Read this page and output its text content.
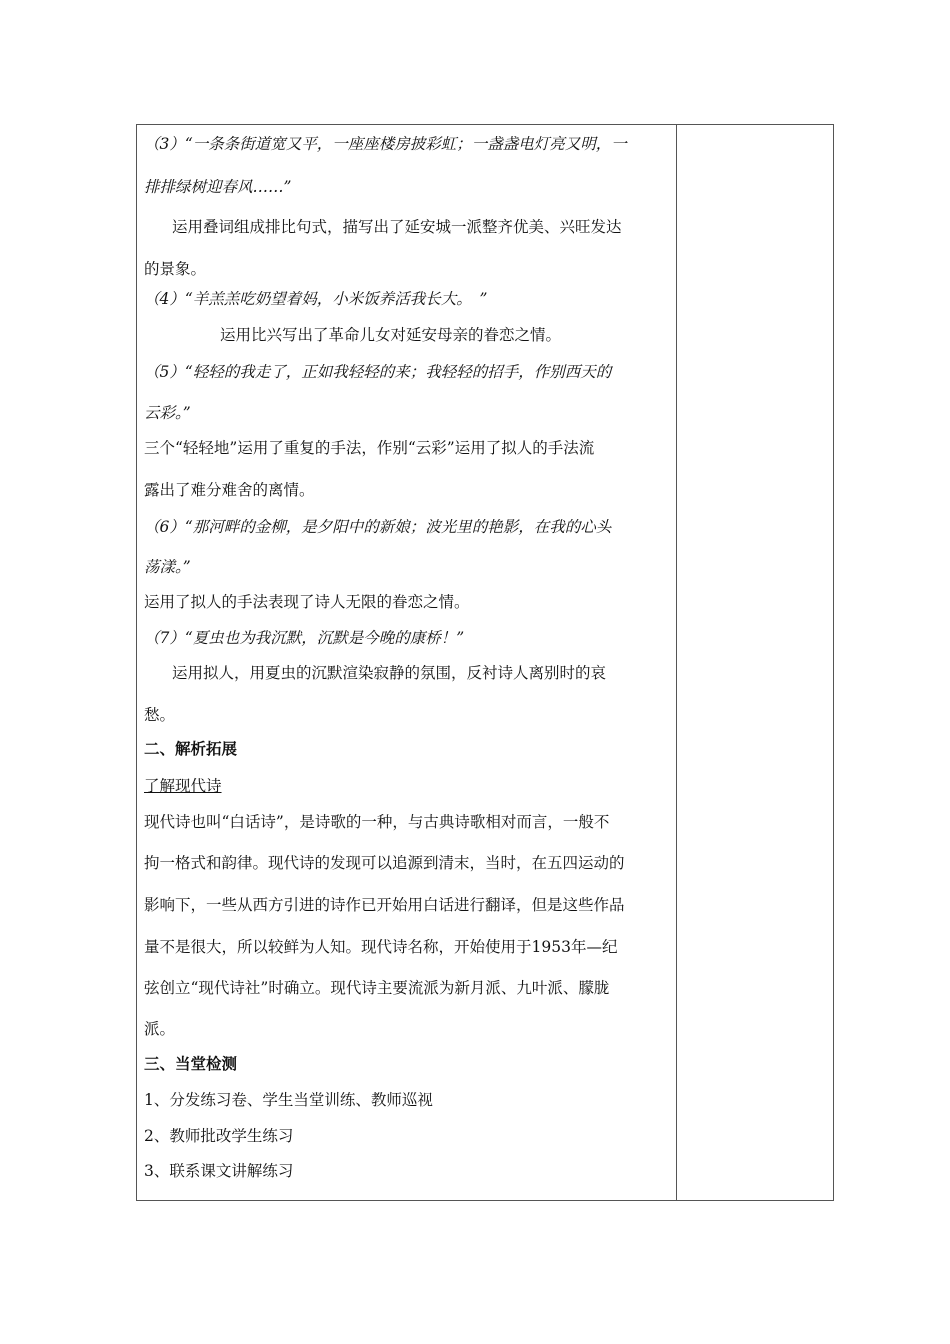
（3）“一条条街道宽又平，一座座楼房披彩虹；一盏盏电灯亮又明，一
排排绿树迎春风……”
运用叠词组成排比句式，描写出了延安城一派整齐优美、兴旺发达
的景象。
（4）“羊羔羔吃奶望着妈，小米饭养活我长大。　”
运用比兴写出了革命儿女对延安母亲的眷恋之情。
（5）“轻轻的我走了，正如我轻轻的来；我轻轻的招手，作别西天的
云彩。”
三个“轻轻地”运用了重复的手法，作别“云彩”运用了拟人的手法流
露出了难分难舍的离情。
（6）“那河畔的金柳，是夕阳中的新娘；波光里的艳影，在我的心头
荡漾。”
运用了拟人的手法表现了诗人无限的眷恋之情。
（7）“夏虫也为我沉默，沉默是今晚的康桥！”
运用拟人，用夏虫的沉默渲染寂静的氛围，反衬诗人离别时的哀
愁。
二、解析拓展
了解现代诗
现代诗也叫“白话诗”，是诗歌的一种，与古典诗歌相对而言，一般不
拘一格式和韵律。现代诗的发现可以追源到清末，当时，在五四运动的
影响下，一些从西方引进的诗作已开始用白话进行翻译，但是这些作品
量不是很大，所以较鲜为人知。现代诗名称，开始使用于1953年—纪
弦创立“现代诗社”时确立。现代诗主要流派为新月派、九叶派、朦胧
派。
三、当堂检测
1、分发练习卷、学生当堂训练、教师巡视
2、教师批改学生练习
3、联系课文讲解练习
